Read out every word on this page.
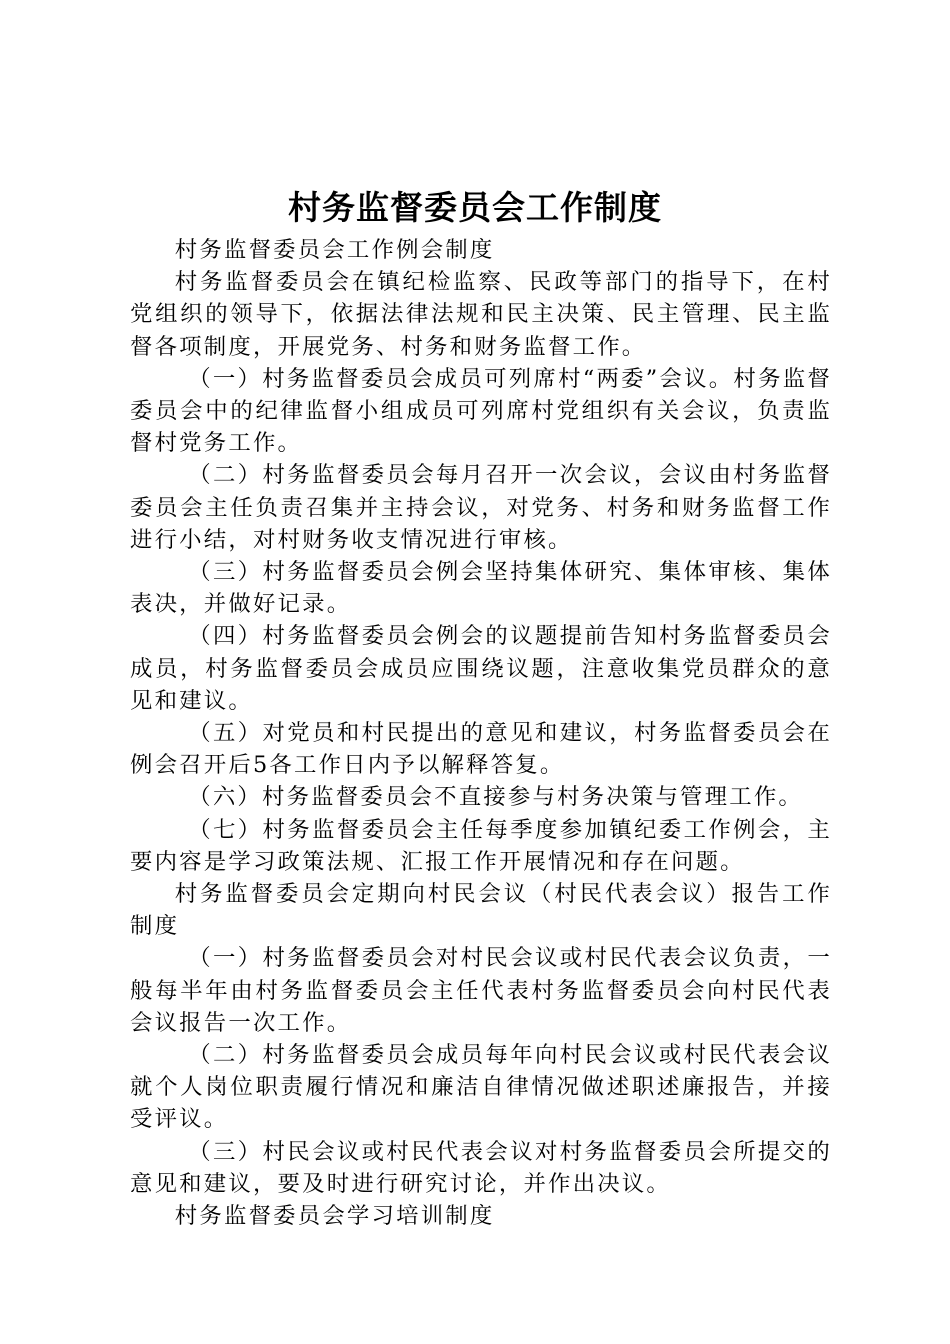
村务监督委员会工作制度

村务监督委员会工作例会制度

村务监督委员会在镇纪检监察、民政等部门的指导下，在村党组织的领导下，依据法律法规和民主决策、民主管理、民主监督各项制度，开展党务、村务和财务监督工作。

（一）村务监督委员会成员可列席村“两委”会议。村务监督委员会中的纪律监督小组成员可列席村党组织有关会议，负责监督村党务工作。

（二）村务监督委员会每月召开一次会议，会议由村务监督委员会主任负责召集并主持会议，对党务、村务和财务监督工作进行小结，对村财务收支情况进行审核。

（三）村务监督委员会例会坚持集体研究、集体审核、集体表决，并做好记录。

（四）村务监督委员会例会的议题提前告知村务监督委员会成员，村务监督委员会成员应围绕议题，注意收集党员群众的意见和建议。

（五）对党员和村民提出的意见和建议，村务监督委员会在例会召开后5各工作日内予以解释答复。

（六）村务监督委员会不直接参与村务决策与管理工作。

（七）村务监督委员会主任每季度参加镇纪委工作例会，主要内容是学习政策法规、汇报工作开展情况和存在问题。

村务监督委员会定期向村民会议（村民代表会议）报告工作制度

（一）村务监督委员会对村民会议或村民代表会议负责，一般每半年由村务监督委员会主任代表村务监督委员会向村民代表会议报告一次工作。

（二）村务监督委员会成员每年向村民会议或村民代表会议就个人岗位职责履行情况和廉洁自律情况做述职述廉报告，并接受评议。

（三）村民会议或村民代表会议对村务监督委员会所提交的意见和建议，要及时进行研究讨论，并作出决议。

村务监督委员会学习培训制度
